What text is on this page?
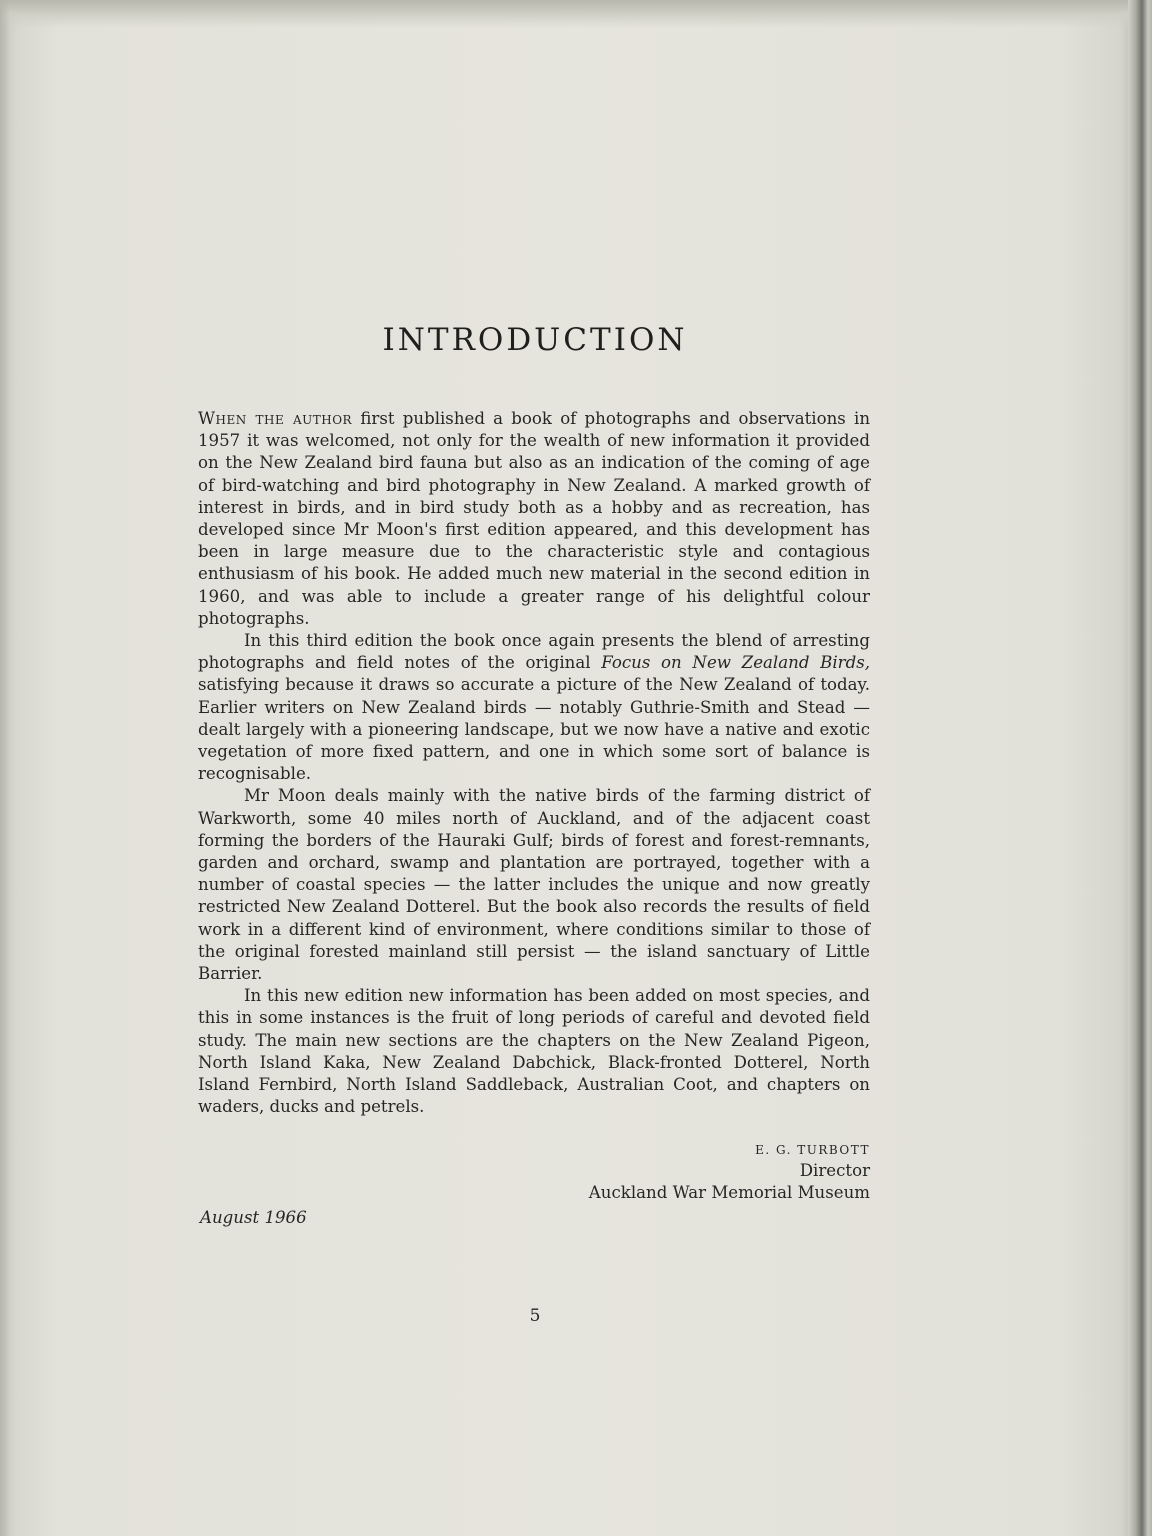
INTRODUCTION

When the author first published a book of photographs and observations in 1957 it was welcomed, not only for the wealth of new information it provided on the New Zealand bird fauna but also as an indication of the coming of age of bird-watching and bird photography in New Zealand. A marked growth of interest in birds, and in bird study both as a hobby and as recreation, has developed since Mr Moon's first edition appeared, and this development has been in large measure due to the characteristic style and contagious enthusiasm of his book. He added much new material in the second edition in 1960, and was able to include a greater range of his delightful colour photographs.

In this third edition the book once again presents the blend of arresting photographs and field notes of the original Focus on New Zealand Birds, satisfying because it draws so accurate a picture of the New Zealand of today. Earlier writers on New Zealand birds — notably Guthrie-Smith and Stead — dealt largely with a pioneering landscape, but we now have a native and exotic vegetation of more fixed pattern, and one in which some sort of balance is recognisable.

Mr Moon deals mainly with the native birds of the farming district of Warkworth, some 40 miles north of Auckland, and of the adjacent coast forming the borders of the Hauraki Gulf; birds of forest and forest-remnants, garden and orchard, swamp and plantation are portrayed, together with a number of coastal species — the latter includes the unique and now greatly restricted New Zealand Dotterel. But the book also records the results of field work in a different kind of environment, where conditions similar to those of the original forested mainland still persist — the island sanctuary of Little Barrier.

In this new edition new information has been added on most species, and this in some instances is the fruit of long periods of careful and devoted field study. The main new sections are the chapters on the New Zealand Pigeon, North Island Kaka, New Zealand Dabchick, Black-fronted Dotterel, North Island Fernbird, North Island Saddleback, Australian Coot, and chapters on waders, ducks and petrels.

E. G. TURBOTT
Director
Auckland War Memorial Museum
August 1966
5
